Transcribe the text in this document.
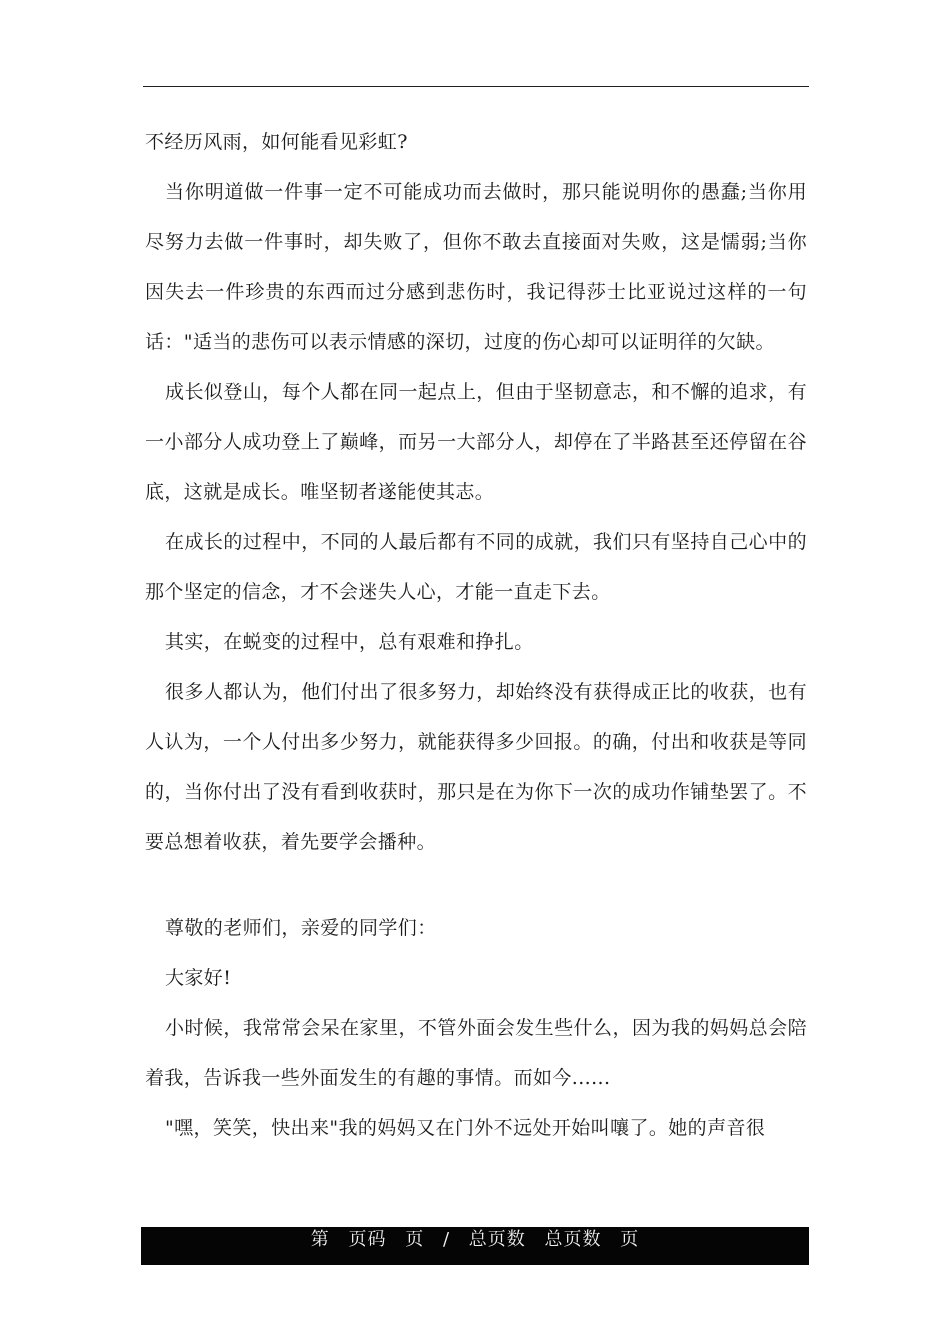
不经历风雨，如何能看见彩虹?

当你明道做一件事一定不可能成功而去做时，那只能说明你的愚蠢;当你用尽努力去做一件事时，却失败了，但你不敢去直接面对失败，这是懦弱;当你因失去一件珍贵的东西而过分感到悲伤时，我记得莎士比亚说过这样的一句话："适当的悲伤可以表示情感的深切，过度的伤心却可以证明徉的欠缺。

成长似登山，每个人都在同一起点上，但由于坚韧意志，和不懈的追求，有一小部分人成功登上了巅峰，而另一大部分人，却停在了半路甚至还停留在谷底，这就是成长。唯坚韧者遂能使其志。

在成长的过程中，不同的人最后都有不同的成就，我们只有坚持自己心中的那个坚定的信念，才不会迷失人心，才能一直走下去。

其实，在蜕变的过程中，总有艰难和挣扎。

很多人都认为，他们付出了很多努力，却始终没有获得成正比的收获，也有人认为，一个人付出多少努力，就能获得多少回报。的确，付出和收获是等同的，当你付出了没有看到收获时，那只是在为你下一次的成功作铺垫罢了。不要总想着收获，着先要学会播种。

尊敬的老师们，亲爱的同学们：

大家好!

小时候，我常常会呆在家里，不管外面会发生些什么，因为我的妈妈总会陪着我，告诉我一些外面发生的有趣的事情。而如今......

"嘿，笑笑，快出来"我的妈妈又在门外不远处开始叫嚷了。她的声音很

第 页码 页 / 总页数 总页数 页
